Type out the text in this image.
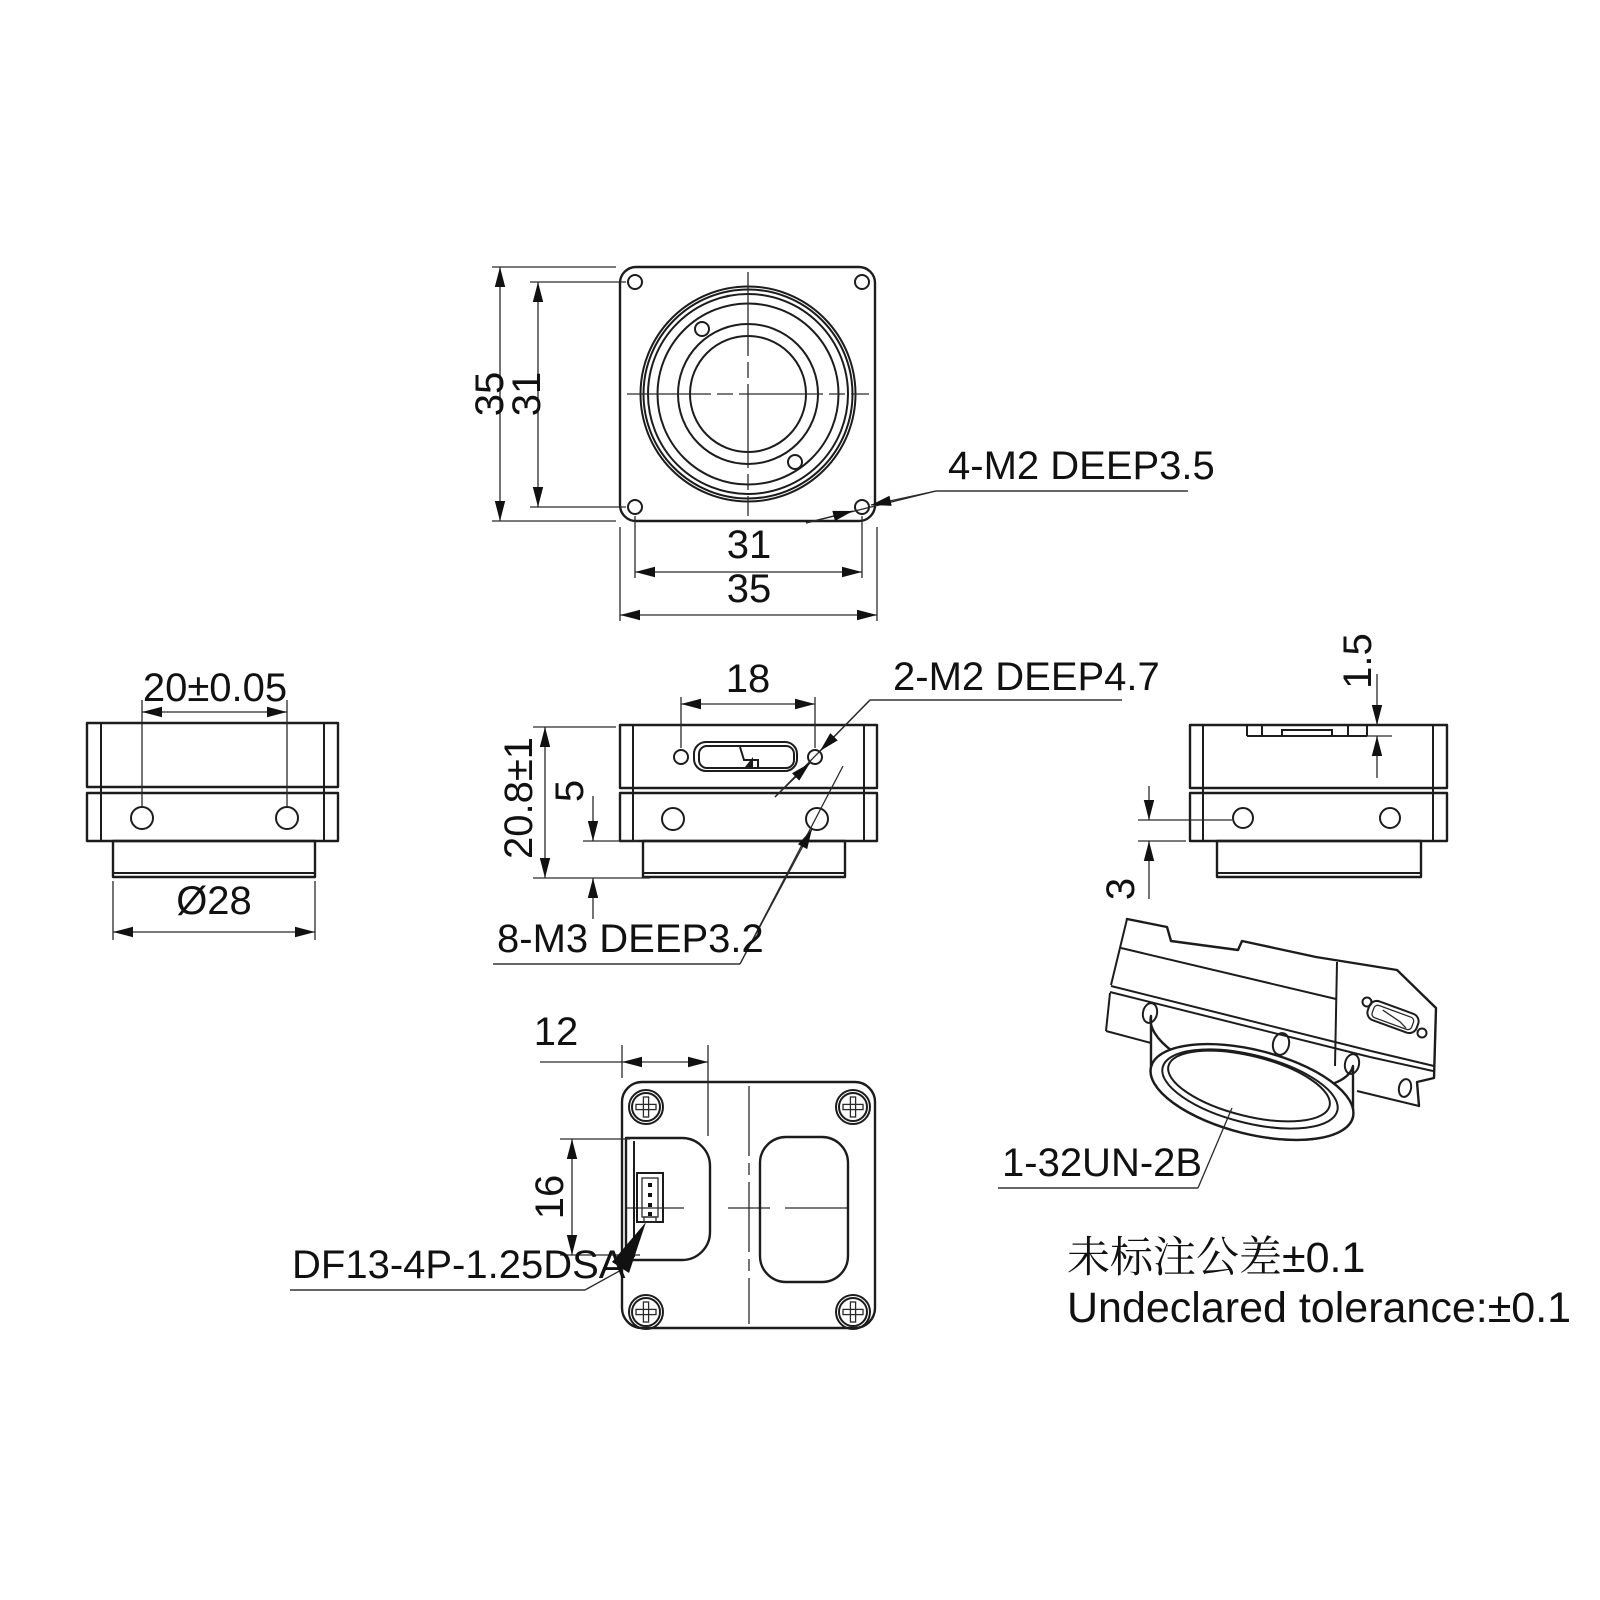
35
31
31
35
4-M2 DEEP3.5
20±0.05
Ø28
18	2-M2 DEEP4.7
20.8±1 5
8-M3 DEEP3.2
1.5
3
12
16
DF13-4P-1.25DSA
1-32UN-2B
未标注公差±0.1
Undeclared tolerance:±0.1
